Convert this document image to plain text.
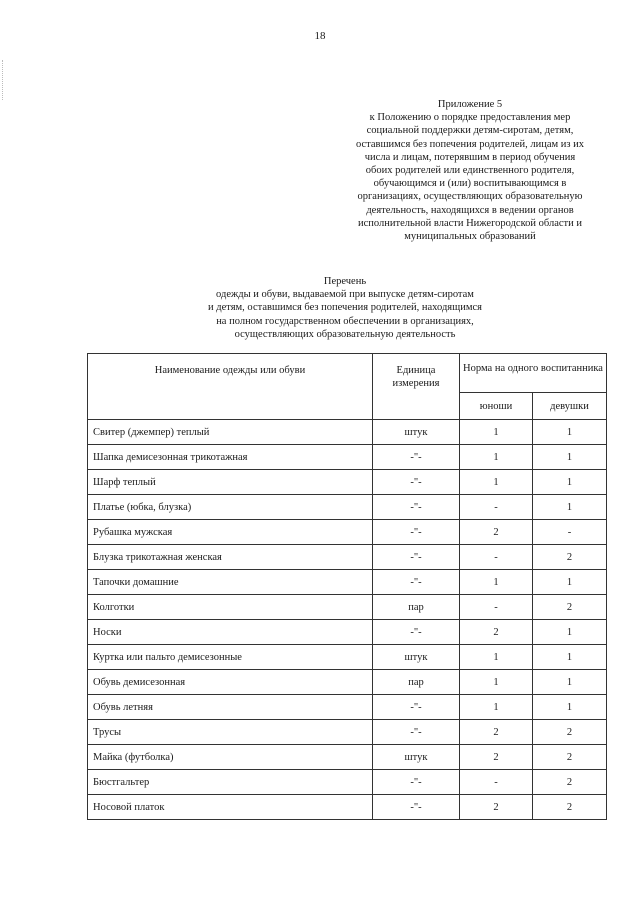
18
Приложение 5
к Положению о порядке предоставления мер
социальной поддержки детям-сиротам, детям,
оставшимся без попечения родителей, лицам из их
числа и лицам, потерявшим в период обучения
обоих родителей или единственного родителя,
обучающимся и (или) воспитывающимся в
организациях, осуществляющих образовательную
деятельность, находящихся в ведении органов
исполнительной власти Нижегородской области и
муниципальных образований
Перечень
одежды и обуви, выдаваемой при выпуске детям-сиротам
и детям, оставшимся без попечения родителей, находящимся
на полном государственном обеспечении в организациях,
осуществляющих образовательную деятельность
Наименование одежды или обуви	Единица измерения	Норма на одного воспитанника	
		юноши	девушки
Свитер (джемпер) теплый	штук	1	1
Шапка демисезонная трикотажная	-"-	1	1
Шарф теплый	-"-	1	1
Платье (юбка, блузка)	-"-	-	1
Рубашка мужская	-"-	2	-
Блузка трикотажная женская	-"-	-	2
Тапочки домашние	-"-	1	1
Колготки	пар	-	2
Носки	-"-	2	1
Куртка или пальто демисезонные	штук	1	1
Обувь демисезонная	пар	1	1
Обувь летняя	-"-	1	1
Трусы	-"-	2	2
Майка (футболка)	штук	2	2
Бюстгальтер	-"-	-	2
Носовой платок	-"-	2	2
